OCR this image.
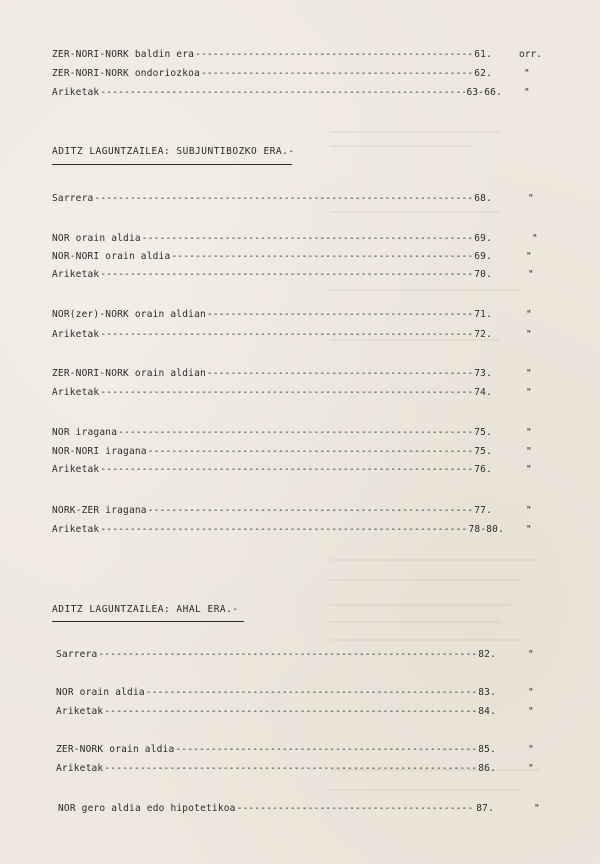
ZER-NORI-NORK baldin era -----	61.	orr.
ZER-NORI-NORK ondoriozkoa -----	62.	"
Ariketak -----	63-66. "
ADITZ LAGUNTZAILEA: SUBJUNTIBOZKO ERA.-
Sarrera -----	68.	"
NOR orain aldia -----	69.	"
NOR-NORI orain aldia -----	69.	"
Ariketak -----	70.	"
NOR(zer)-NORK orain aldian -----	71.	"
Ariketak -----	72.	"
ZER-NORI-NORK orain aldian -----	73.	"
Ariketak -----	74.	"
NOR iragana -----	75.	"
NOR-NORI iragana -----	75.	"
Ariketak -----	76.	"
NORK-ZER iragana -----	77.	"
Ariketak -----	78-80. "
ADITZ LAGUNTZAILEA: AHAL ERA.-
Sarrera -----	82.	"
NOR orain aldia -----	83.	"
Ariketak -----	84.	"
ZER-NORK orain aldia -----	85.	"
Ariketak -----	86.	"
NOR gero aldia edo hipotetikoa -----	87.	"
